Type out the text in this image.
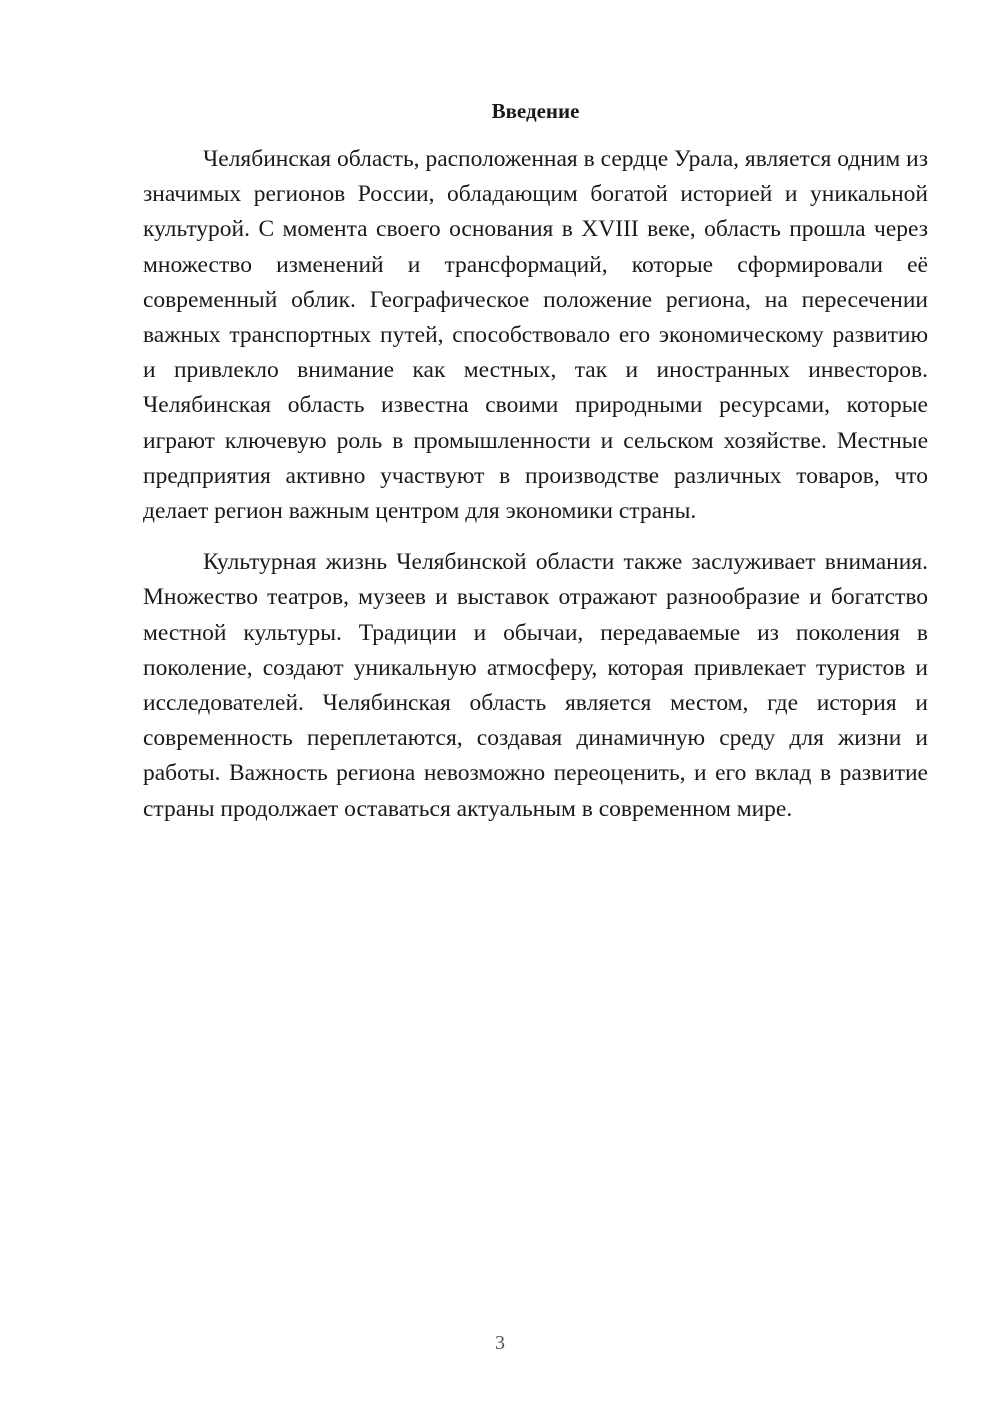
Введение

Челябинская область, расположенная в сердце Урала, является одним из значимых регионов России, обладающим богатой историей и уникальной культурой. С момента своего основания в XVIII веке, область прошла через множество изменений и трансформаций, которые сформировали её современный облик. Географическое положение региона, на пересечении важных транспортных путей, способствовало его экономическому развитию и привлекло внимание как местных, так и иностранных инвесторов. Челябинская область известна своими природными ресурсами, которые играют ключевую роль в промышленности и сельском хозяйстве. Местные предприятия активно участвуют в производстве различных товаров, что делает регион важным центром для экономики страны.

Культурная жизнь Челябинской области также заслуживает внимания. Множество театров, музеев и выставок отражают разнообразие и богатство местной культуры. Традиции и обычаи, передаваемые из поколения в поколение, создают уникальную атмосферу, которая привлекает туристов и исследователей. Челябинская область является местом, где история и современность переплетаются, создавая динамичную среду для жизни и работы. Важность региона невозможно переоценить, и его вклад в развитие страны продолжает оставаться актуальным в современном мире.

3
